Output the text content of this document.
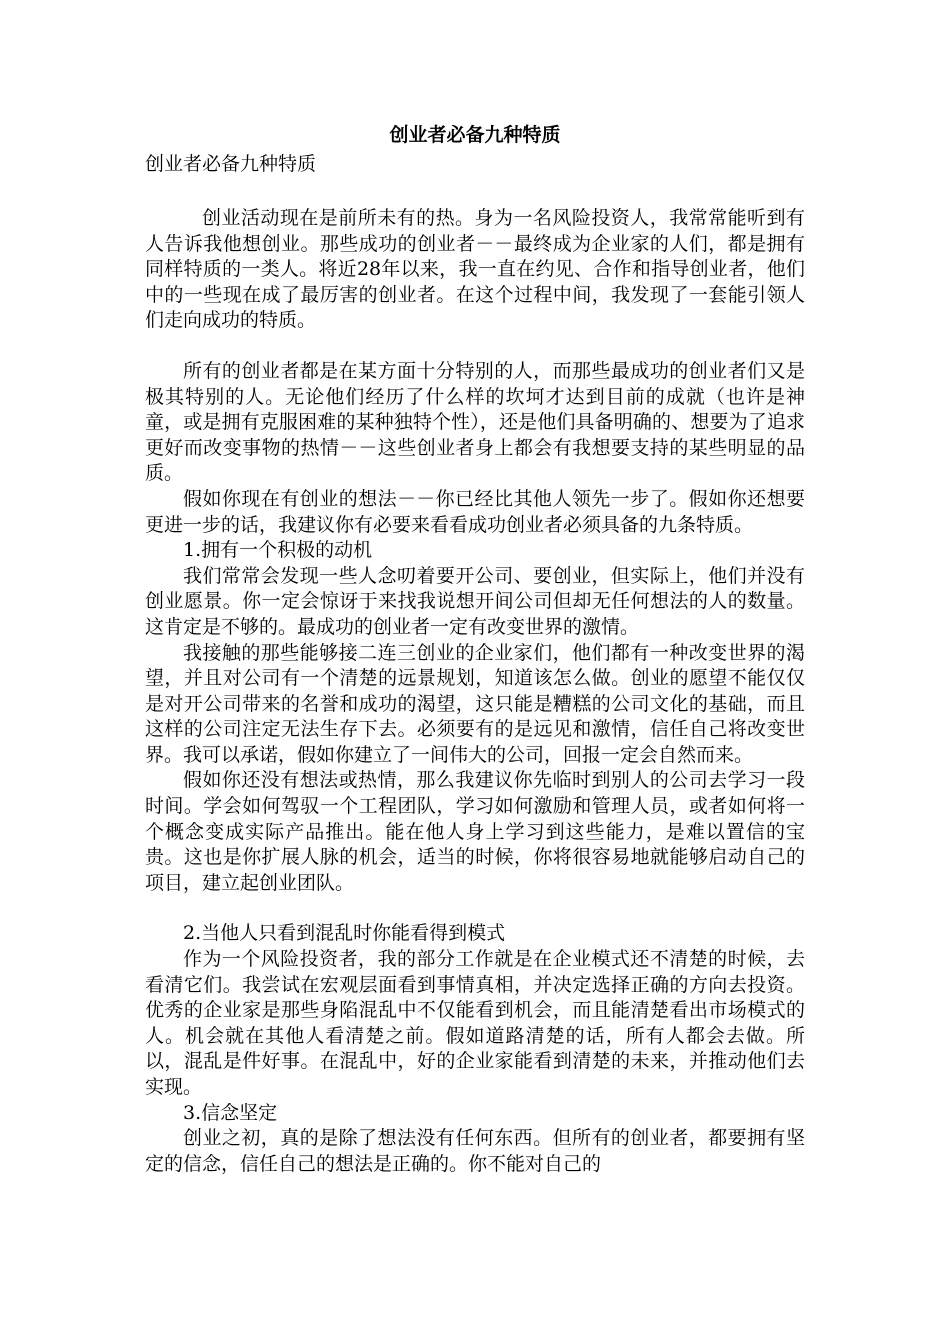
创业者必备九种特质

创业者必备九种特质

创业活动现在是前所未有的热。身为一名风险投资人，我常常能听到有人告诉我他想创业。那些成功的创业者－－最终成为企业家的人们，都是拥有同样特质的一类人。将近28年以来，我一直在约见、合作和指导创业者，他们中的一些现在成了最厉害的创业者。在这个过程中间，我发现了一套能引领人们走向成功的特质。

所有的创业者都是在某方面十分特别的人，而那些最成功的创业者们又是极其特别的人。无论他们经历了什么样的坎坷才达到目前的成就（也许是神童，或是拥有克服困难的某种独特个性），还是他们具备明确的、想要为了追求更好而改变事物的热情－－这些创业者身上都会有我想要支持的某些明显的品质。

假如你现在有创业的想法－－你已经比其他人领先一步了。假如你还想要更进一步的话，我建议你有必要来看看成功创业者必须具备的九条特质。

1.拥有一个积极的动机

我们常常会发现一些人念叨着要开公司、要创业，但实际上，他们并没有创业愿景。你一定会惊讶于来找我说想开间公司但却无任何想法的人的数量。这肯定是不够的。最成功的创业者一定有改变世界的激情。

我接触的那些能够接二连三创业的企业家们，他们都有一种改变世界的渴望，并且对公司有一个清楚的远景规划，知道该怎么做。创业的愿望不能仅仅是对开公司带来的名誉和成功的渴望，这只能是糟糕的公司文化的基础，而且这样的公司注定无法生存下去。必须要有的是远见和激情，信任自己将改变世界。我可以承诺，假如你建立了一间伟大的公司，回报一定会自然而来。

假如你还没有想法或热情，那么我建议你先临时到别人的公司去学习一段时间。学会如何驾驭一个工程团队，学习如何激励和管理人员，或者如何将一个概念变成实际产品推出。能在他人身上学习到这些能力，是难以置信的宝贵。这也是你扩展人脉的机会，适当的时候，你将很容易地就能够启动自己的项目，建立起创业团队。

2.当他人只看到混乱时你能看得到模式

作为一个风险投资者，我的部分工作就是在企业模式还不清楚的时候，去看清它们。我尝试在宏观层面看到事情真相，并决定选择正确的方向去投资。优秀的企业家是那些身陷混乱中不仅能看到机会，而且能清楚看出市场模式的人。机会就在其他人看清楚之前。假如道路清楚的话，所有人都会去做。所以，混乱是件好事。在混乱中，好的企业家能看到清楚的未来，并推动他们去实现。

3.信念坚定

创业之初，真的是除了想法没有任何东西。但所有的创业者，都要拥有坚定的信念，信任自己的想法是正确的。你不能对自己的
